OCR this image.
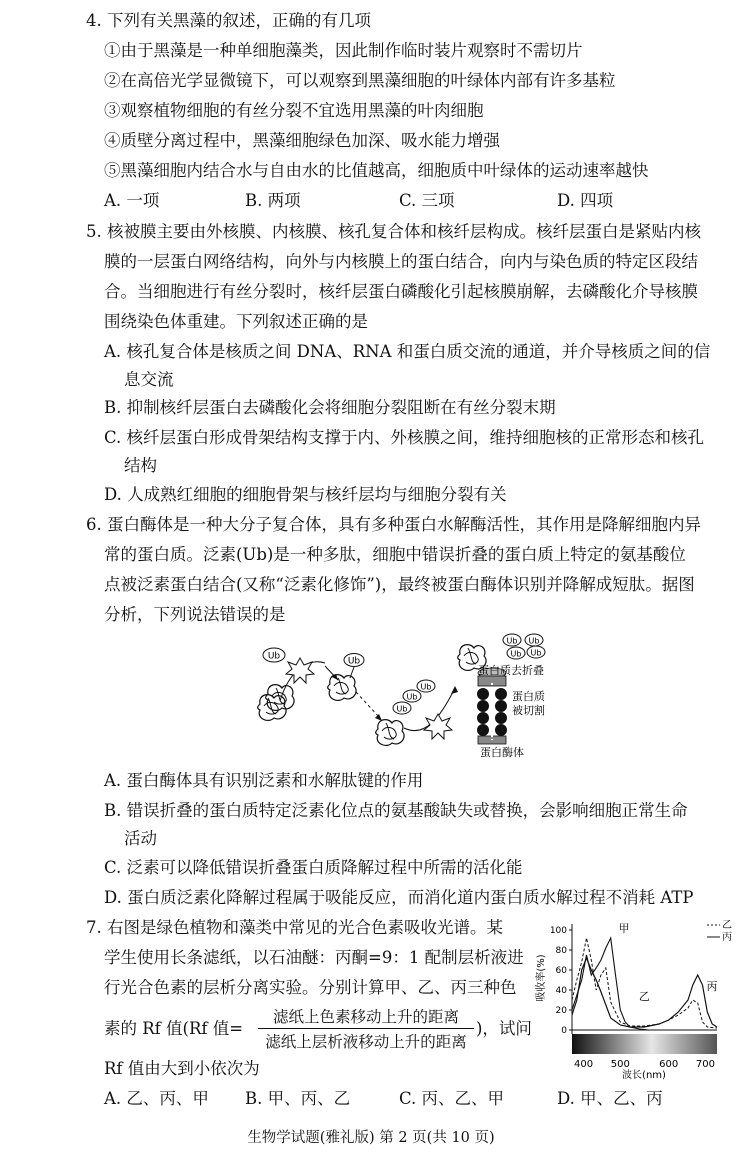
4. 下列有关黑藻的叙述，正确的有几项
①由于黑藻是一种单细胞藻类，因此制作临时装片观察时不需切片
②在高倍光学显微镜下，可以观察到黑藻细胞的叶绿体内部有许多基粒
③观察植物细胞的有丝分裂不宜选用黑藻的叶肉细胞
④质壁分离过程中，黑藻细胞绿色加深、吸水能力增强
⑤黑藻细胞内结合水与自由水的比值越高，细胞质中叶绿体的运动速率越快
A. 一项	B. 两项	C. 三项	D. 四项
5. 核被膜主要由外核膜、内核膜、核孔复合体和核纤层构成。核纤层蛋白是紧贴内核
膜的一层蛋白网络结构，向外与内核膜上的蛋白结合，向内与染色质的特定区段结
合。当细胞进行有丝分裂时，核纤层蛋白磷酸化引起核膜崩解，去磷酸化介导核膜
围绕染色体重建。下列叙述正确的是
A. 核孔复合体是核质之间 DNA、RNA 和蛋白质交流的通道，并介导核质之间的信
息交流
B. 抑制核纤层蛋白去磷酸化会将细胞分裂阻断在有丝分裂末期
C. 核纤层蛋白形成骨架结构支撑于内、外核膜之间，维持细胞核的正常形态和核孔
结构
D. 人成熟红细胞的细胞骨架与核纤层均与细胞分裂有关
6. 蛋白酶体是一种大分子复合体，具有多种蛋白水解酶活性，其作用是降解细胞内异
常的蛋白质。泛素(Ub)是一种多肽，细胞中错误折叠的蛋白质上特定的氨基酸位
点被泛素蛋白结合(又称“泛素化修饰”)，最终被蛋白酶体识别并降解成短肽。据图
分析，下列说法错误的是
Ub	Ub
Ub
Ub
Ub
Ub Ub
Ub Ub
蛋白质去折叠
蛋白质
被切割
蛋白酶体
A. 蛋白酶体具有识别泛素和水解肽键的作用
B. 错误折叠的蛋白质特定泛素化位点的氨基酸缺失或替换，会影响细胞正常生命
活动
C. 泛素可以降低错误折叠蛋白质降解过程中所需的活化能
D. 蛋白质泛素化降解过程属于吸能反应，而消化道内蛋白质水解过程不消耗 ATP
7. 右图是绿色植物和藻类中常见的光合色素吸收光谱。某
学生使用长条滤纸，以石油醚：丙酮=9：1 配制层析液进
行光合色素的层析分离实验。分别计算甲、乙、丙三种色
素的 Rf 值(Rf 值=
滤纸上色素移动上升的距离
滤纸上层析液移动上升的距离
)，试问
Rf 值由大到小依次为
A. 乙、丙、甲 B. 甲、丙、乙	C. 丙、乙、甲	D. 甲、乙、丙
0
20
40
60
80
100
400 500	600 700
甲
乙
丙
吸收率(%)
波长(nm)
乙
丙
生物学试题(雅礼版) 第 2 页(共 10 页)
